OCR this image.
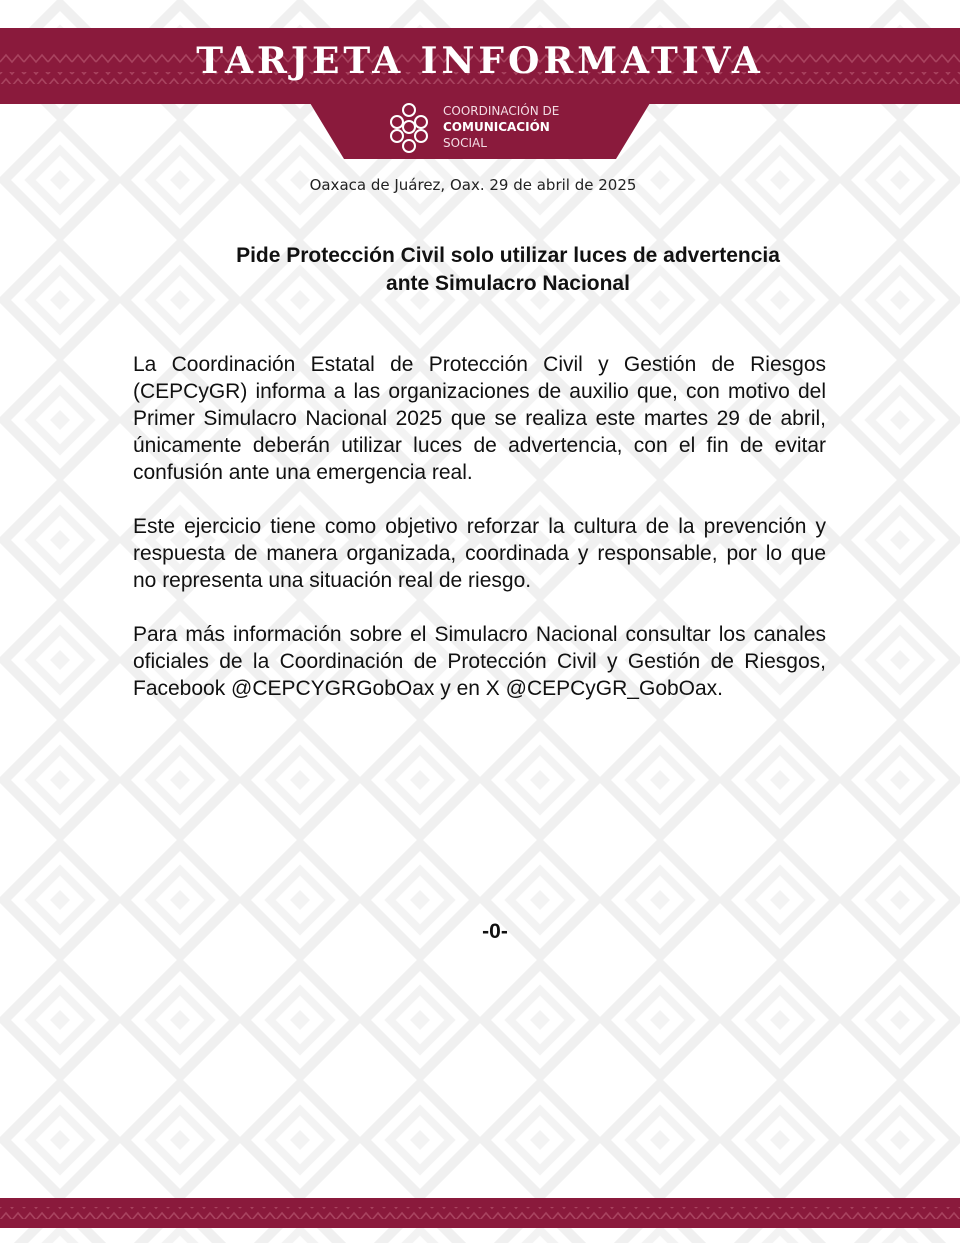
TARJETA INFORMATIVA
COORDINACIÓN DE
COMUNICACIÓN
SOCIAL
Oaxaca de Juárez, Oax. 29 de abril de 2025
Pide Protección Civil solo utilizar luces de advertencia
ante Simulacro Nacional

La Coordinación Estatal de Protección Civil y Gestión de Riesgos (CEPCyGR) informa a las organizaciones de auxilio que, con motivo del Primer Simulacro Nacional 2025 que se realiza este martes 29 de abril, únicamente deberán utilizar luces de advertencia, con el fin de evitar confusión ante una emergencia real.

Este ejercicio tiene como objetivo reforzar la cultura de la prevención y respuesta de manera organizada, coordinada y responsable, por lo que no representa una situación real de riesgo.

Para más información sobre el Simulacro Nacional consultar los canales oficiales de la Coordinación de Protección Civil y Gestión de Riesgos, Facebook @CEPCYGRGobOax y en X @CEPCyGR_GobOax.

-0-
